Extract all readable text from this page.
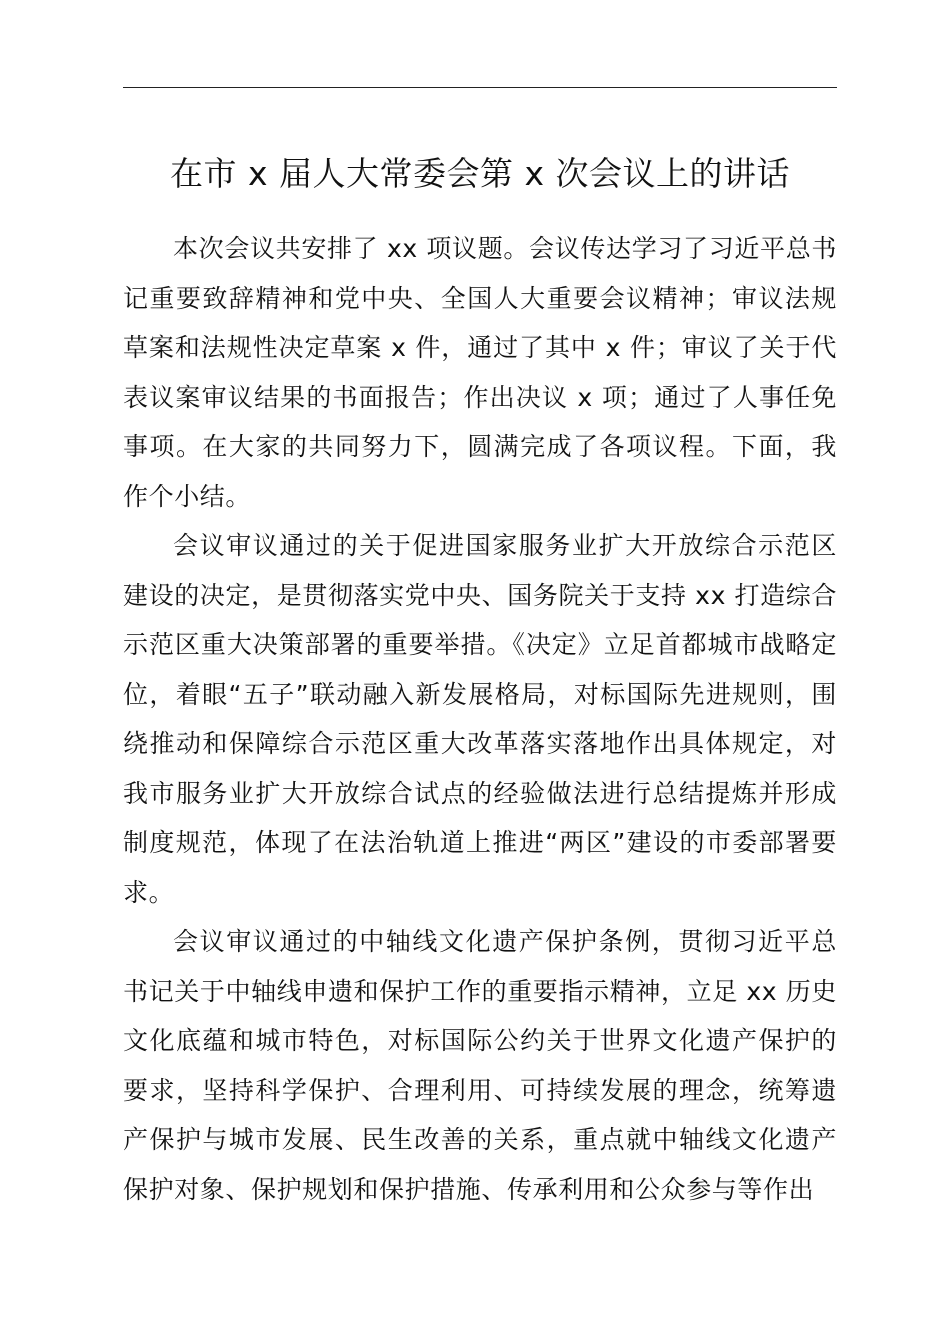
在市 x 届人大常委会第 x 次会议上的讲话

本次会议共安排了 xx 项议题。会议传达学习了习近平总书记重要致辞精神和党中央、全国人大重要会议精神；审议法规草案和法规性决定草案 x 件，通过了其中 x 件；审议了关于代表议案审议结果的书面报告；作出决议 x 项；通过了人事任免事项。在大家的共同努力下，圆满完成了各项议程。下面，我作个小结。

会议审议通过的关于促进国家服务业扩大开放综合示范区建设的决定，是贯彻落实党中央、国务院关于支持 xx 打造综合示范区重大决策部署的重要举措。《决定》立足首都城市战略定位，着眼“五子”联动融入新发展格局，对标国际先进规则，围绕推动和保障综合示范区重大改革落实落地作出具体规定，对我市服务业扩大开放综合试点的经验做法进行总结提炼并形成制度规范，体现了在法治轨道上推进“两区”建设的市委部署要求。

会议审议通过的中轴线文化遗产保护条例，贯彻习近平总书记关于中轴线申遗和保护工作的重要指示精神，立足 xx 历史文化底蕴和城市特色，对标国际公约关于世界文化遗产保护的要求，坚持科学保护、合理利用、可持续发展的理念，统筹遗产保护与城市发展、民生改善的关系，重点就中轴线文化遗产保护对象、保护规划和保护措施、传承利用和公众参与等作出
